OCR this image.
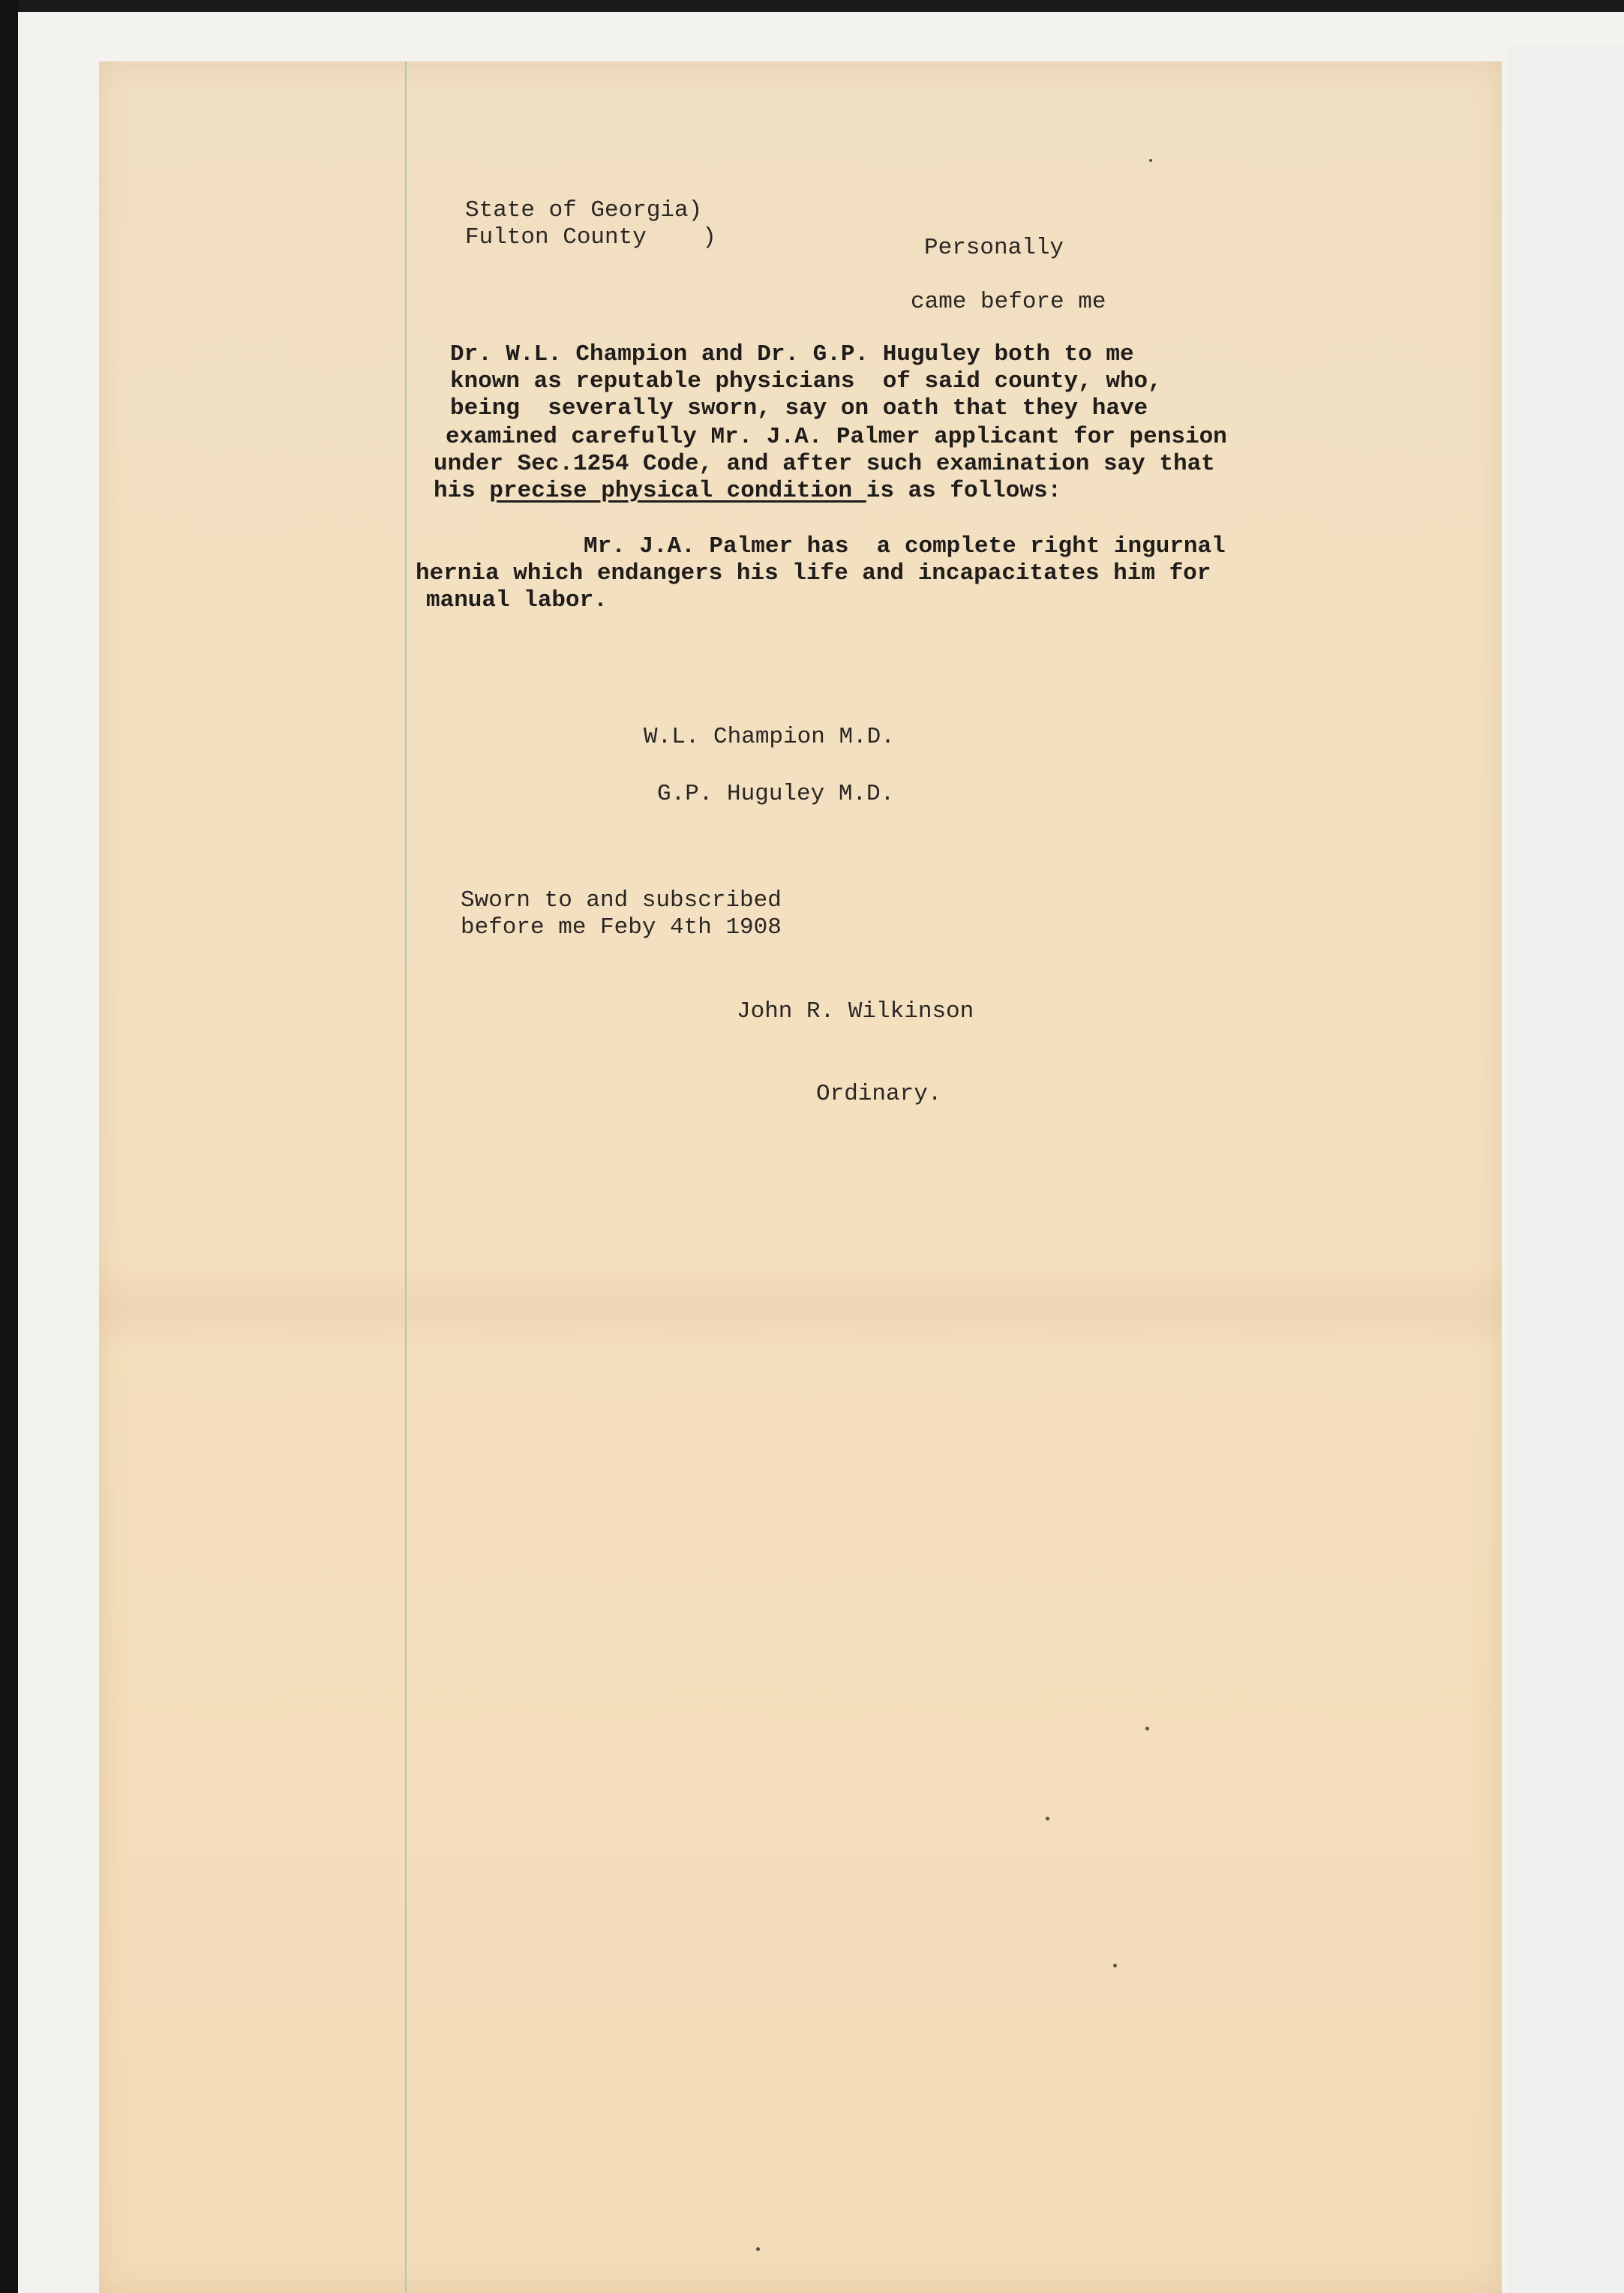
State of Georgia)

Fulton County    )	Personally

came before me

Dr. W.L. Champion and Dr. G.P. Huguley both to me

known as reputable physicians  of said county, who,

being  severally sworn, say on oath that they have

examined carefully Mr. J.A. Palmer applicant for pension

under Sec.1254 Code, and after such examination say that

his precise physical condition is as follows:

Mr. J.A. Palmer has  a complete right ingurnal

hernia which endangers his life and incapacitates him for

manual labor.

W.L. Champion M.D.

G.P. Huguley M.D.

Sworn to and subscribed

before me Feby 4th 1908

John R. Wilkinson

Ordinary.
